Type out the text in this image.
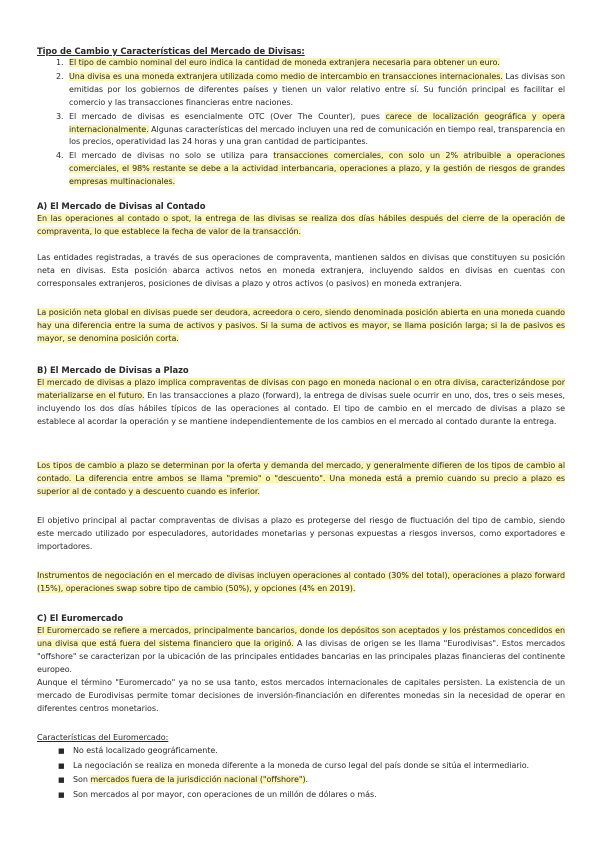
Tipo de Cambio y Características del Mercado de Divisas:
1. El tipo de cambio nominal del euro indica la cantidad de moneda extranjera necesaria para obtener un euro.

2. Una divisa es una moneda extranjera utilizada como medio de intercambio en transacciones internacionales. Las divisas son emitidas por los gobiernos de diferentes países y tienen un valor relativo entre sí. Su función principal es facilitar el comercio y las transacciones financieras entre naciones.

3. El mercado de divisas es esencialmente OTC (Over The Counter), pues carece de localización geográfica y opera internacionalmente. Algunas características del mercado incluyen una red de comunicación en tiempo real, transparencia en los precios, operatividad las 24 horas y una gran cantidad de participantes.

4. El mercado de divisas no solo se utiliza para transacciones comerciales, con solo un 2% atribuible a operaciones comerciales, el 98% restante se debe a la actividad interbancaria, operaciones a plazo, y la gestión de riesgos de grandes empresas multinacionales.

A) El Mercado de Divisas al Contado

En las operaciones al contado o spot, la entrega de las divisas se realiza dos días hábiles después del cierre de la operación de compraventa, lo que establece la fecha de valor de la transacción.

Las entidades registradas, a través de sus operaciones de compraventa, mantienen saldos en divisas que constituyen su posición neta en divisas. Esta posición abarca activos netos en moneda extranjera, incluyendo saldos en divisas en cuentas con corresponsales extranjeros, posiciones de divisas a plazo y otros activos (o pasivos) en moneda extranjera.

La posición neta global en divisas puede ser deudora, acreedora o cero, siendo denominada posición abierta en una moneda cuando hay una diferencia entre la suma de activos y pasivos. Si la suma de activos es mayor, se llama posición larga; si la de pasivos es mayor, se denomina posición corta.

B) El Mercado de Divisas a Plazo

El mercado de divisas a plazo implica compraventas de divisas con pago en moneda nacional o en otra divisa, caracterizándose por materializarse en el futuro. En las transacciones a plazo (forward), la entrega de divisas suele ocurrir en uno, dos, tres o seis meses, incluyendo los dos días hábiles típicos de las operaciones al contado. El tipo de cambio en el mercado de divisas a plazo se establece al acordar la operación y se mantiene independientemente de los cambios en el mercado al contado durante la entrega.

Los tipos de cambio a plazo se determinan por la oferta y demanda del mercado, y generalmente difieren de los tipos de cambio al contado. La diferencia entre ambos se llama "premio" o "descuento". Una moneda está a premio cuando su precio a plazo es superior al de contado y a descuento cuando es inferior.

El objetivo principal al pactar compraventas de divisas a plazo es protegerse del riesgo de fluctuación del tipo de cambio, siendo este mercado utilizado por especuladores, autoridades monetarias y personas expuestas a riesgos inversos, como exportadores e importadores.

Instrumentos de negociación en el mercado de divisas incluyen operaciones al contado (30% del total), operaciones a plazo forward (15%), operaciones swap sobre tipo de cambio (50%), y opciones (4% en 2019).

C) El Euromercado

El Euromercado se refiere a mercados, principalmente bancarios, donde los depósitos son aceptados y los préstamos concedidos en una divisa que está fuera del sistema financiero que la originó. A las divisas de origen se les llama "Eurodivisas". Estos mercados "offshore" se caracterizan por la ubicación de las principales entidades bancarias en las principales plazas financieras del continente europeo.

Aunque el término "Euromercado" ya no se usa tanto, estos mercados internacionales de capitales persisten. La existencia de un mercado de Eurodivisas permite tomar decisiones de inversión-financiación en diferentes monedas sin la necesidad de operar en diferentes centros monetarios.

Características del Euromercado:
■ No está localizado geográficamente.
■ La negociación se realiza en moneda diferente a la moneda de curso legal del país donde se sitúa el intermediario.
■ Son mercados fuera de la jurisdicción nacional ("offshore").
■ Son mercados al por mayor, con operaciones de un millón de dólares o más.
